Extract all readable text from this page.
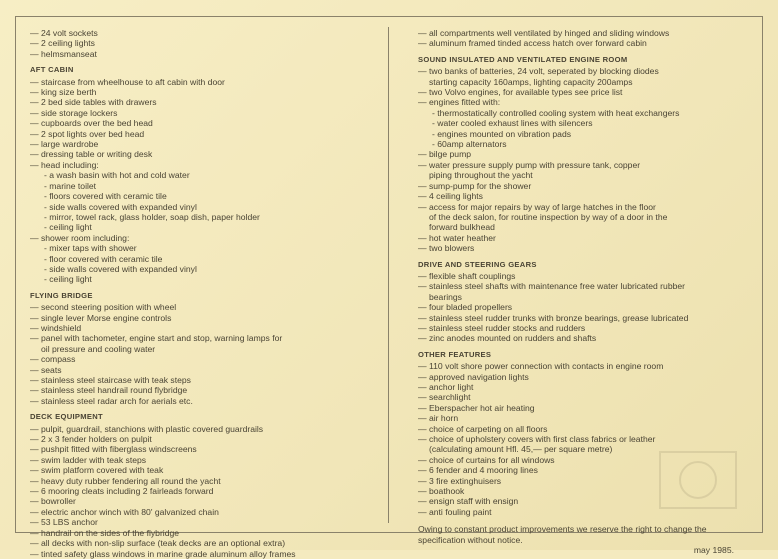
— 24 volt sockets
— 2 ceiling lights
— helmsmanseat
AFT CABIN
— staircase from wheelhouse to aft cabin with door
— king size berth
— 2 bed side tables with drawers
— side storage lockers
— cupboards over the bed head
— 2 spot lights over bed head
— large wardrobe
— dressing table or writing desk
— head including:
- a wash basin with hot and cold water
- marine toilet
- floors covered with ceramic tile
- side walls covered with expanded vinyl
- mirror, towel rack, glass holder, soap dish, paper holder
- ceiling light
— shower room including:
- mixer taps with shower
- floor covered with ceramic tile
- side walls covered with expanded vinyl
- ceiling light
FLYING BRIDGE
— second steering position with wheel
— single lever Morse engine controls
— windshield
— panel with tachometer, engine start and stop, warning lamps for
oil pressure and cooling water
— compass
— seats
— stainless steel staircase with teak steps
— stainless steel handrail round flybridge
— stainless steel radar arch for aerials etc.
DECK EQUIPMENT
— pulpit, guardrail, stanchions with plastic covered guardrails
— 2 x 3 fender holders on pulpit
— pushpit fitted with fiberglass windscreens
— swim ladder with teak steps
— swim platform covered with teak
— heavy duty rubber fendering all round the yacht
— 6 mooring cleats including 2 fairleads forward
— bowroller
— electric anchor winch with 80' galvanized chain
— 53 LBS anchor
— handrail on the sides of the flybridge
— all decks with non-slip surface (teak decks are an optional extra)
— tinted safety glass windows in marine grade aluminum alloy frames
— all compartments well ventilated by hinged and sliding windows
— aluminum framed tinded access hatch over forward cabin
SOUND INSULATED AND VENTILATED ENGINE ROOM
— two banks of batteries, 24 volt, seperated by blocking diodes
starting capacity 160amps, lighting capacity 200amps
— two Volvo engines, for available types see price list
— engines fitted with:
- thermostatically controlled cooling system with heat exchangers
- water cooled exhaust lines with silencers
- engines mounted on vibration pads
- 60amp alternators
— bilge pump
— water pressure supply pump with pressure tank, copper
piping throughout the yacht
— sump-pump for the shower
— 4 ceiling lights
— access for major repairs by way of large hatches in the floor
of the deck salon, for routine inspection by way of a door in the
forward bulkhead
— hot water heather
— two blowers
DRIVE AND STEERING GEARS
— flexible shaft couplings
— stainless steel shafts with maintenance free water lubricated rubber
bearings
— four bladed propellers
— stainless steel rudder trunks with bronze bearings, grease lubricated
— stainless steel rudder stocks and rudders
— zinc anodes mounted on rudders and shafts
OTHER FEATURES
— 110 volt shore power connection with contacts in engine room
— approved navigation lights
— anchor light
— searchlight
— Eberspacher hot air heating
— air horn
— choice of carpeting on all floors
— choice of upholstery covers with first class fabrics or leather
(calculating amount Hfl. 45,— per square metre)
— choice of curtains for all windows
— 6 fender and 4 mooring lines
— 3 fire extinghuisers
— boathook
— ensign staff with ensign
— anti fouling paint
Owing to constant product improvements we reserve the right to change the specification without notice.
may 1985.
